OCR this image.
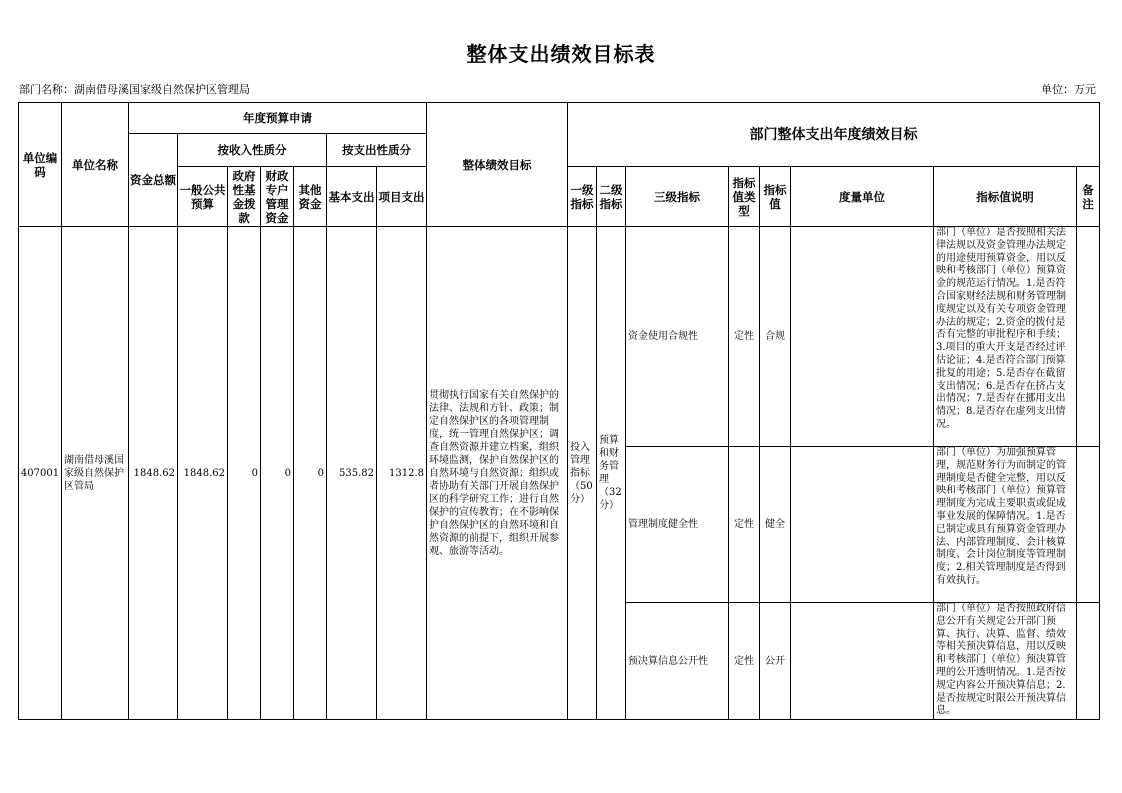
整体支出绩效目标表
部门名称：湖南借母溪国家级自然保护区管理局	单位：万元
单位编码	单位名称	年度预算申请							整体绩效目标	部门整体支出年度绩效目标							
		资金总额	按收入性质分				按支出性质分										
			一般公共预算	政府性基金拨款	财政专户管理资金	其他资金	基本支出	项目支出		一级指标	二级指标	三级指标	指标值类型	指标值	度量单位	指标值说明	备注
407001	湖南借母溪国家级自然保护区管局	1848.62	1848.62	0	0	0	535.82	1312.8	贯彻执行国家有关自然保护的法律、法规和方针、政策；制定自然保护区的各项管理制度，统一管理自然保护区；调查自然资源并建立档案，组织环境监测，保护自然保护区的自然环境与自然资源；组织或者协助有关部门开展自然保护区的科学研究工作；进行自然保护的宣传教育；在不影响保护自然保护区的自然环境和自然资源的前提下，组织开展参观、旅游等活动。	投入管理指标（50分）	预算和财务管理（32分）	资金使用合规性	定性	合规		部门（单位）是否按照相关法律法规以及资金管理办法规定的用途使用预算资金，用以反映和考核部门（单位）预算资金的规范运行情况。1.是否符合国家财经法规和财务管理制度规定以及有关专项资金管理办法的规定；2.资金的拨付是否有完整的审批程序和手续；3.项目的重大开支是否经过评估论证；4.是否符合部门预算批复的用途；5.是否存在截留支出情况；6.是否存在挤占支出情况；7.是否存在挪用支出情况；8.是否存在虚列支出情况。	

												管理制度健全性	定性	健全		部门（单位）为加强预算管理，规范财务行为而制定的管理制度是否健全完整，用以反映和考核部门（单位）预算管理制度为完成主要职责或促成事业发展的保障情况。1.是否已制定或具有预算资金管理办法、内部管理制度、会计核算制度、会计岗位制度等管理制度；2.相关管理制度是否得到有效执行。	

												预决算信息公开性	定性	公开		部门（单位）是否按照政府信息公开有关规定公开部门预算、执行、决算、监督、绩效等相关预决算信息，用以反映和考核部门（单位）预决算管理的公开透明情况。1.是否按规定内容公开预决算信息；2.是否按规定时限公开预决算信息。	
